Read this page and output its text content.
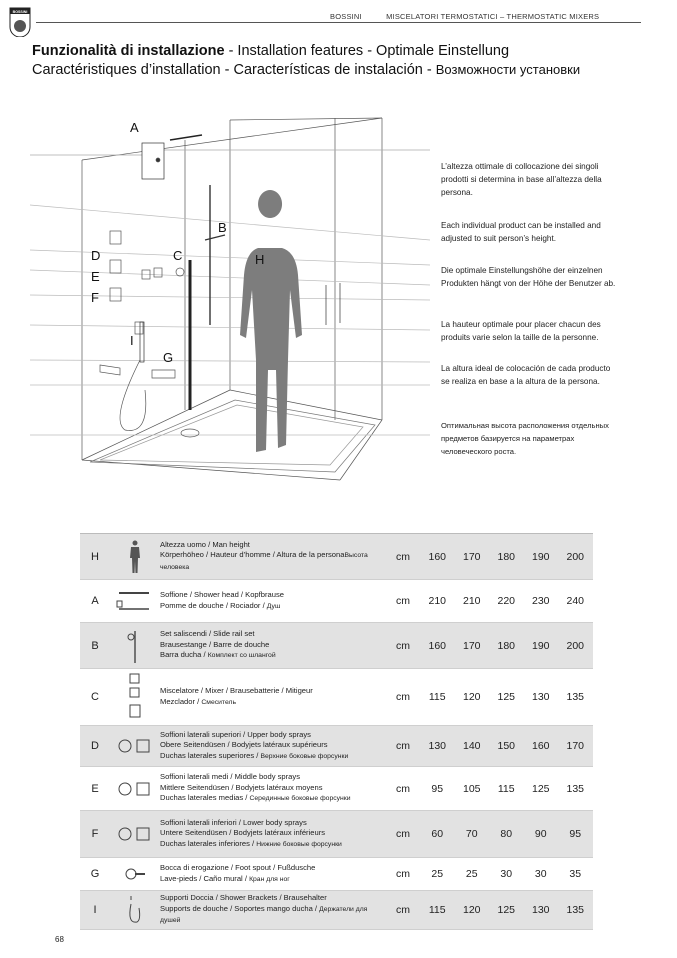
BOSSINI
BOSSINI	MISCELATORI TERMOSTATICI – THERMOSTATIC MIXERS
Funzionalità di installazione - Installation features - Optimale Einstellung
Caractéristiques d’installation - Características de instalación - Возможности установки
A
B
C
D
E
F
G
H
I
L’altezza ottimale di collocazione dei singoli prodotti si determina in base all’altezza della persona.
Each individual product can be installed and adjusted to suit person’s height.
Die optimale Einstellungshöhe der einzelnen Produkten hängt von der Höhe der Benutzer ab.
La hauteur optimale pour placer chacun des produits varie selon la taille de la personne.
La altura ideal de colocación de cada producto se realiza en base a la altura de la persona.
Оптимальная высота расположения отдельных предметов базируется на параметрах человеческого роста.
H
Altezza uomo / Man height
Körperhöheo / Hauteur d’homme / Altura de la personaВысота человека
cm	160	170	180	190	200
A
Soffione / Shower head / Kopfbrause
Pomme de douche / Rociador / Душ	cm	210	210	220	230	240
B
Set saliscendi / Slide rail set
Brausestange / Barre de douche
Barra ducha / Комплект со шлангой
cm	160	170	180	190	200
C
Miscelatore / Mixer / Brausebatterie / Mitigeur
Mezclador / Смеситель	cm	115	120	125	130	135
D
Soffioni laterali superiori / Upper body sprays
Obere Seitendüsen / Bodyjets latéraux supérieurs
Duchas laterales superiores / Верхние боковые форсунки
cm	130	140	150	160	170
E
Soffioni laterali medi / Middle body sprays
Mittlere Seitendüsen / Bodyjets latéraux moyens
Duchas laterales medias / Серединные боковые форсунки
cm	95	105	115	125	135
F
Soffioni laterali inferiori / Lower body sprays
Untere Seitendüsen / Bodyjets latéraux inférieurs
Duchas laterales inferiores / Нижние боковые форсунки
cm	60	70	80	90	95
G
Bocca di erogazione / Foot spout / Fußdusche
Lave-pieds / Caño mural / Кран для ног	cm	25	25	30	30	35
I
Supporti Doccia / Shower Brackets / Brausehalter
Supports de douche / Soportes mango ducha / Держатели для душей
cm	115	120	125	130	135
68
